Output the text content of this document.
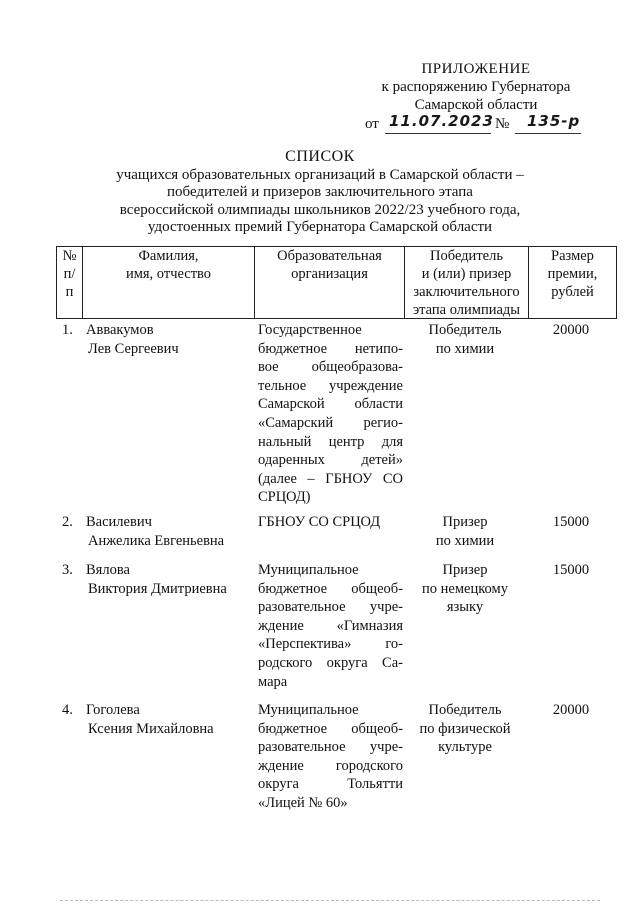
ПРИЛОЖЕНИЕ
к распоряжению Губернатора
Самарской области
от 11.07.2023 № 135-р
СПИСОК
учащихся образовательных организаций в Самарской области –
победителей и призеров заключительного этапа
всероссийской олимпиады школьников 2022/23 учебного года,
удостоенных премий Губернатора Самарской области
№
п/
п
Фамилия,
имя, отчество
Образовательная
организация
Победитель
и (или) призер
заключительного
этапа олимпиады
Размер
премии,
рублей
1. Аввакумов
Лев Сергеевич
Государственное
бюджетное нетипо-
вое общеобразова-
тельное учреждение
Самарской области
«Самарский регио-
нальный центр для
одаренных детей»
(далее – ГБНОУ СО
СРЦОД)
Победитель
по химии
20000
2. Василевич
Анжелика Евгеньевна
ГБНОУ СО СРЦОД	Призер
по химии
15000
3. Вялова
Виктория Дмитриевна
Муниципальное
бюджетное общеоб-
разовательное учре-
ждение «Гимназия
«Перспектива» го-
родского округа Са-
мара
Призер
по немецкому
языку
15000
4. Гоголева
Ксения Михайловна
Муниципальное
бюджетное общеоб-
разовательное учре-
ждение городского
округа Тольятти
«Лицей № 60»
Победитель
по физической
культуре
20000
